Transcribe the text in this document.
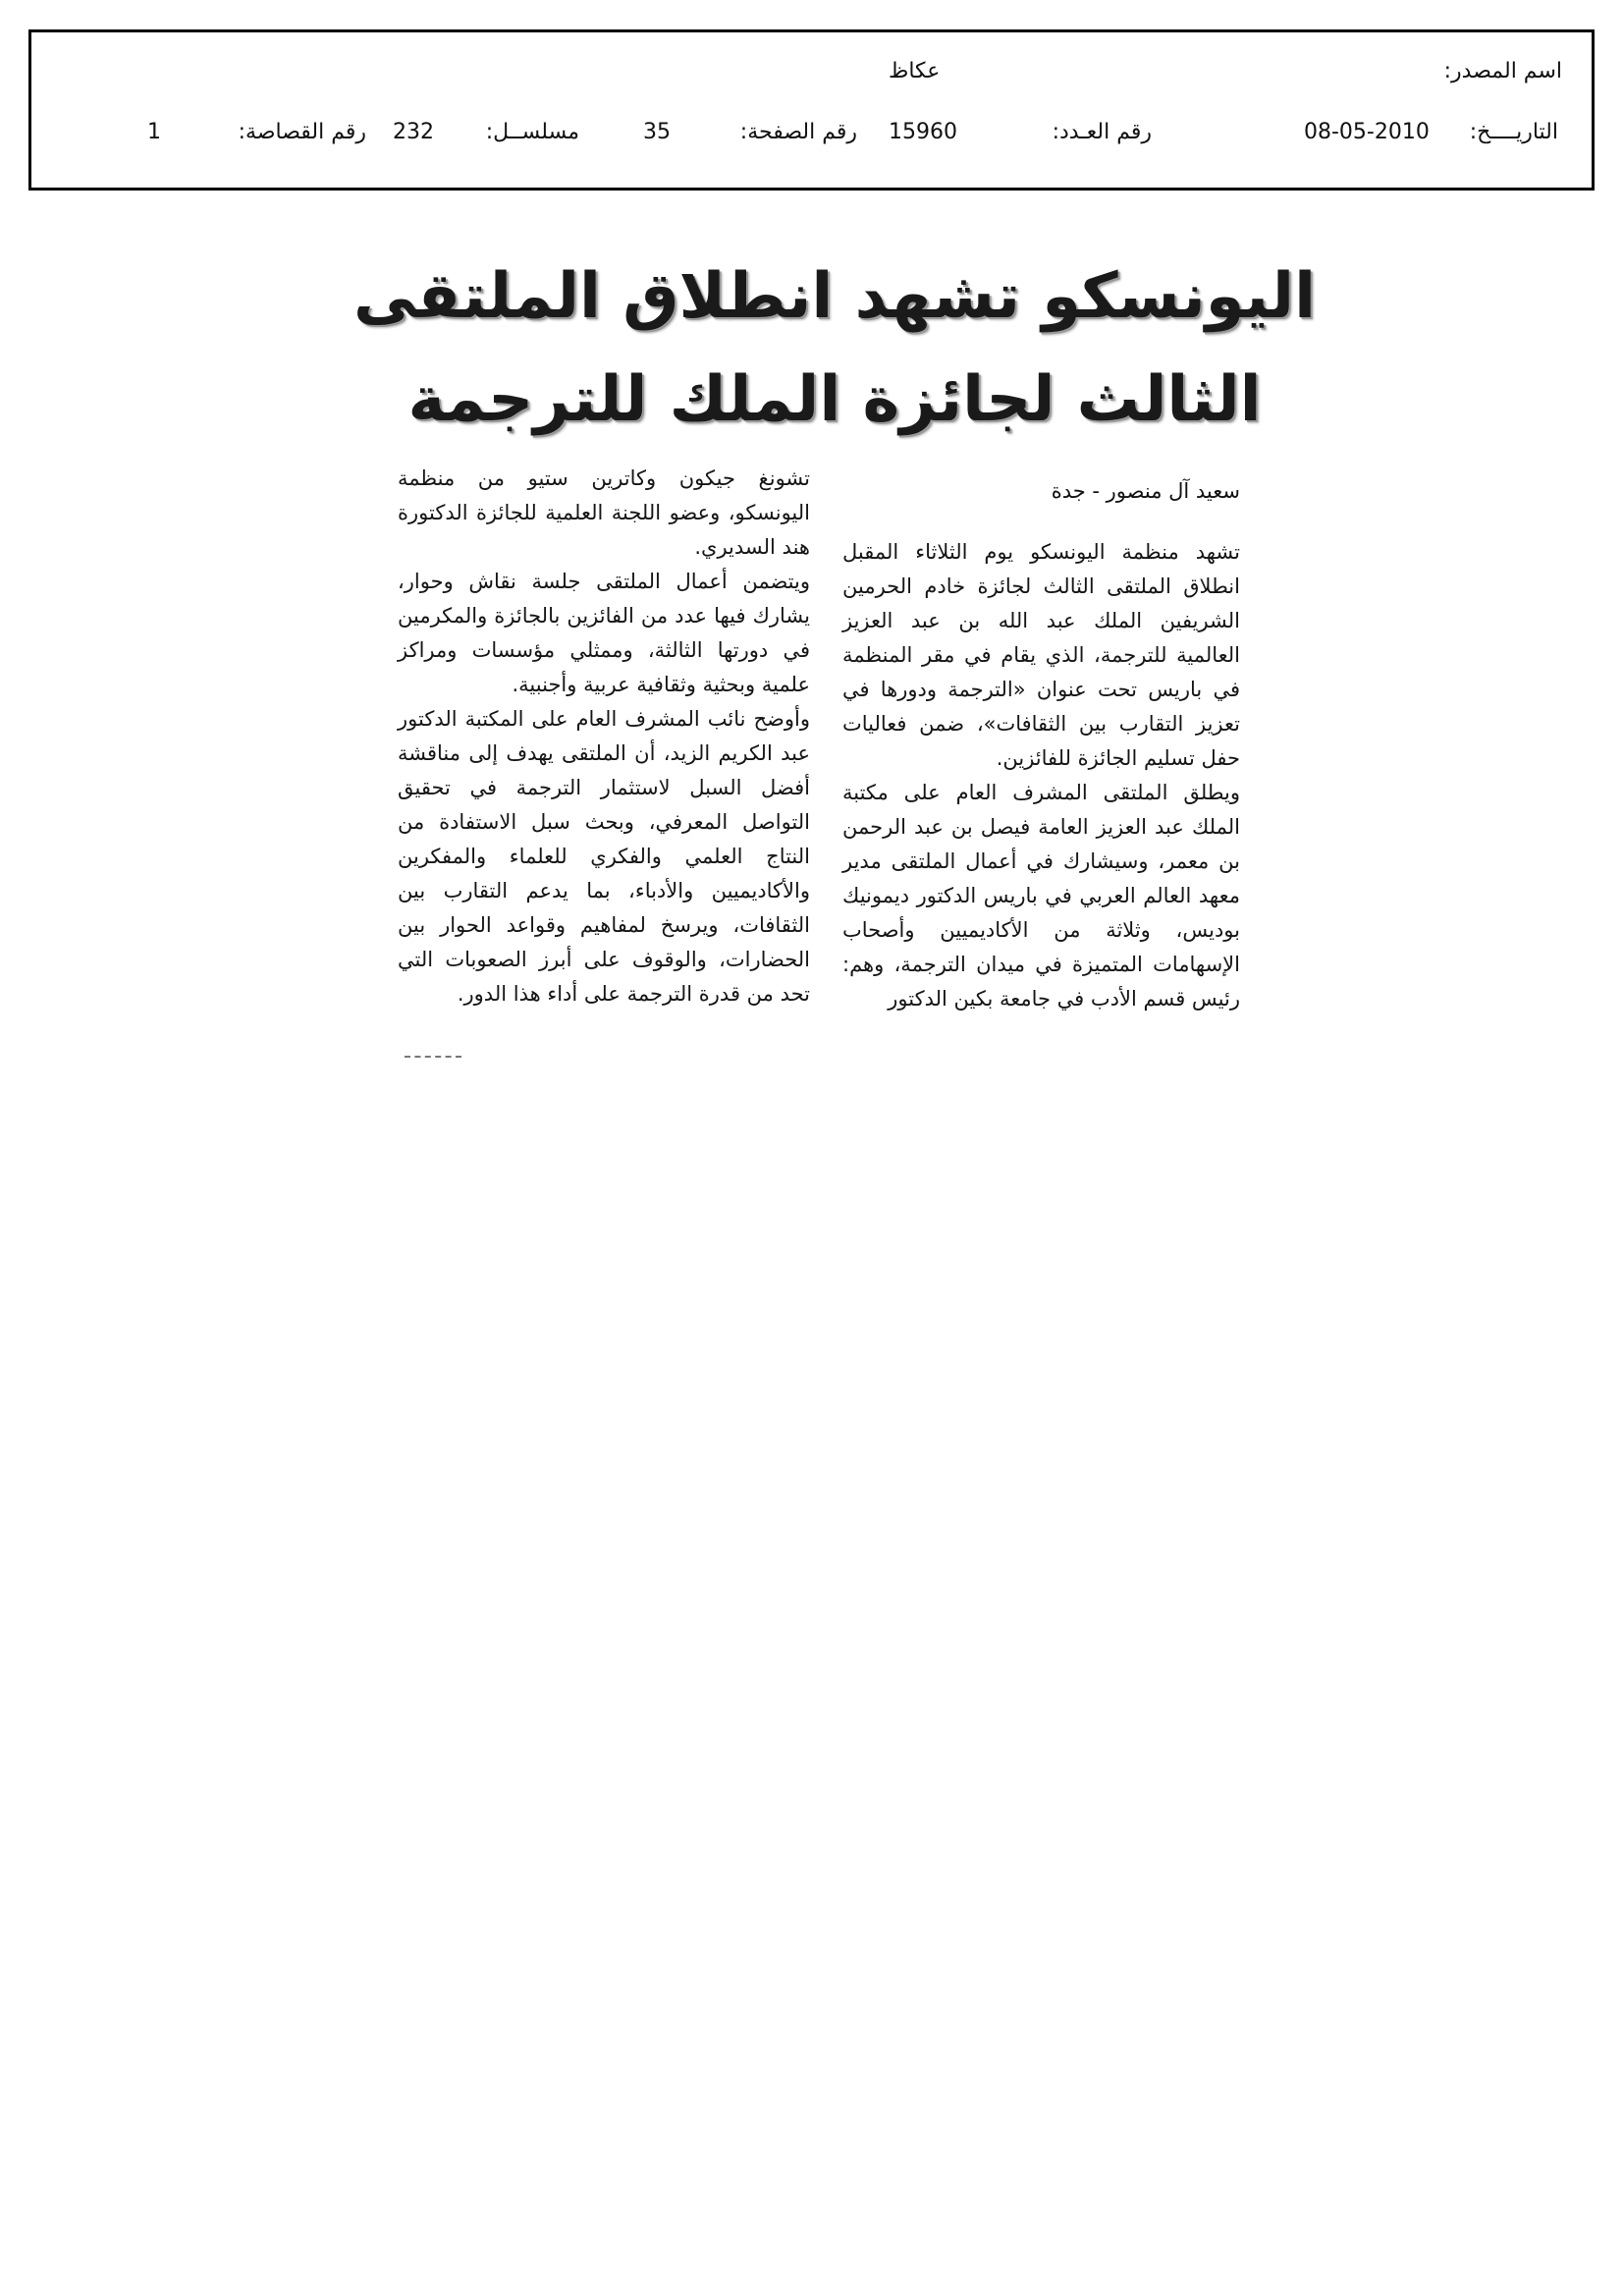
اسم المصدر:
عكاظ
التاريــــخ:
08-05-2010
رقم العـدد:
15960
رقم الصفحة:
35
مسلســل:
232
رقم القصاصة:
1
اليونسكو تشهد انطلاق الملتقى
الثالث لجائزة الملك للترجمة
سعيد آل منصور - جدة

تشهد منظمة اليونسكو يوم الثلاثاء المقبل انطلاق الملتقى الثالث لجائزة خادم الحرمين الشريفين الملك عبد الله بن عبد العزيز العالمية للترجمة، الذي يقام في مقر المنظمة في باريس تحت عنوان «الترجمة ودورها في تعزيز التقارب بين الثقافات»، ضمن فعاليات حفل تسليم الجائزة للفائزين.

ويطلق الملتقى المشرف العام على مكتبة الملك عبد العزيز العامة فيصل بن عبد الرحمن بن معمر، وسيشارك في أعمال الملتقى مدير معهد العالم العربي في باريس الدكتور ديمونيك بوديس، وثلاثة من الأكاديميين وأصحاب الإسهامات المتميزة في ميدان الترجمة، وهم: رئيس قسم الأدب في جامعة بكين الدكتور

تشونغ جيكون وكاترين ستيو من منظمة اليونسكو، وعضو اللجنة العلمية للجائزة الدكتورة هند السديري.

ويتضمن أعمال الملتقى جلسة نقاش وحوار، يشارك فيها عدد من الفائزين بالجائزة والمكرمين في دورتها الثالثة، وممثلي مؤسسات ومراكز علمية وبحثية وثقافية عربية وأجنبية.

وأوضح نائب المشرف العام على المكتبة الدكتور عبد الكريم الزيد، أن الملتقى يهدف إلى مناقشة أفضل السبل لاستثمار الترجمة في تحقيق التواصل المعرفي، وبحث سبل الاستفادة من النتاج العلمي والفكري للعلماء والمفكرين والأكاديميين والأدباء، بما يدعم التقارب بين الثقافات، ويرسخ لمفاهيم وقواعد الحوار بين الحضارات، والوقوف على أبرز الصعوبات التي تحد من قدرة الترجمة على أداء هذا الدور.
